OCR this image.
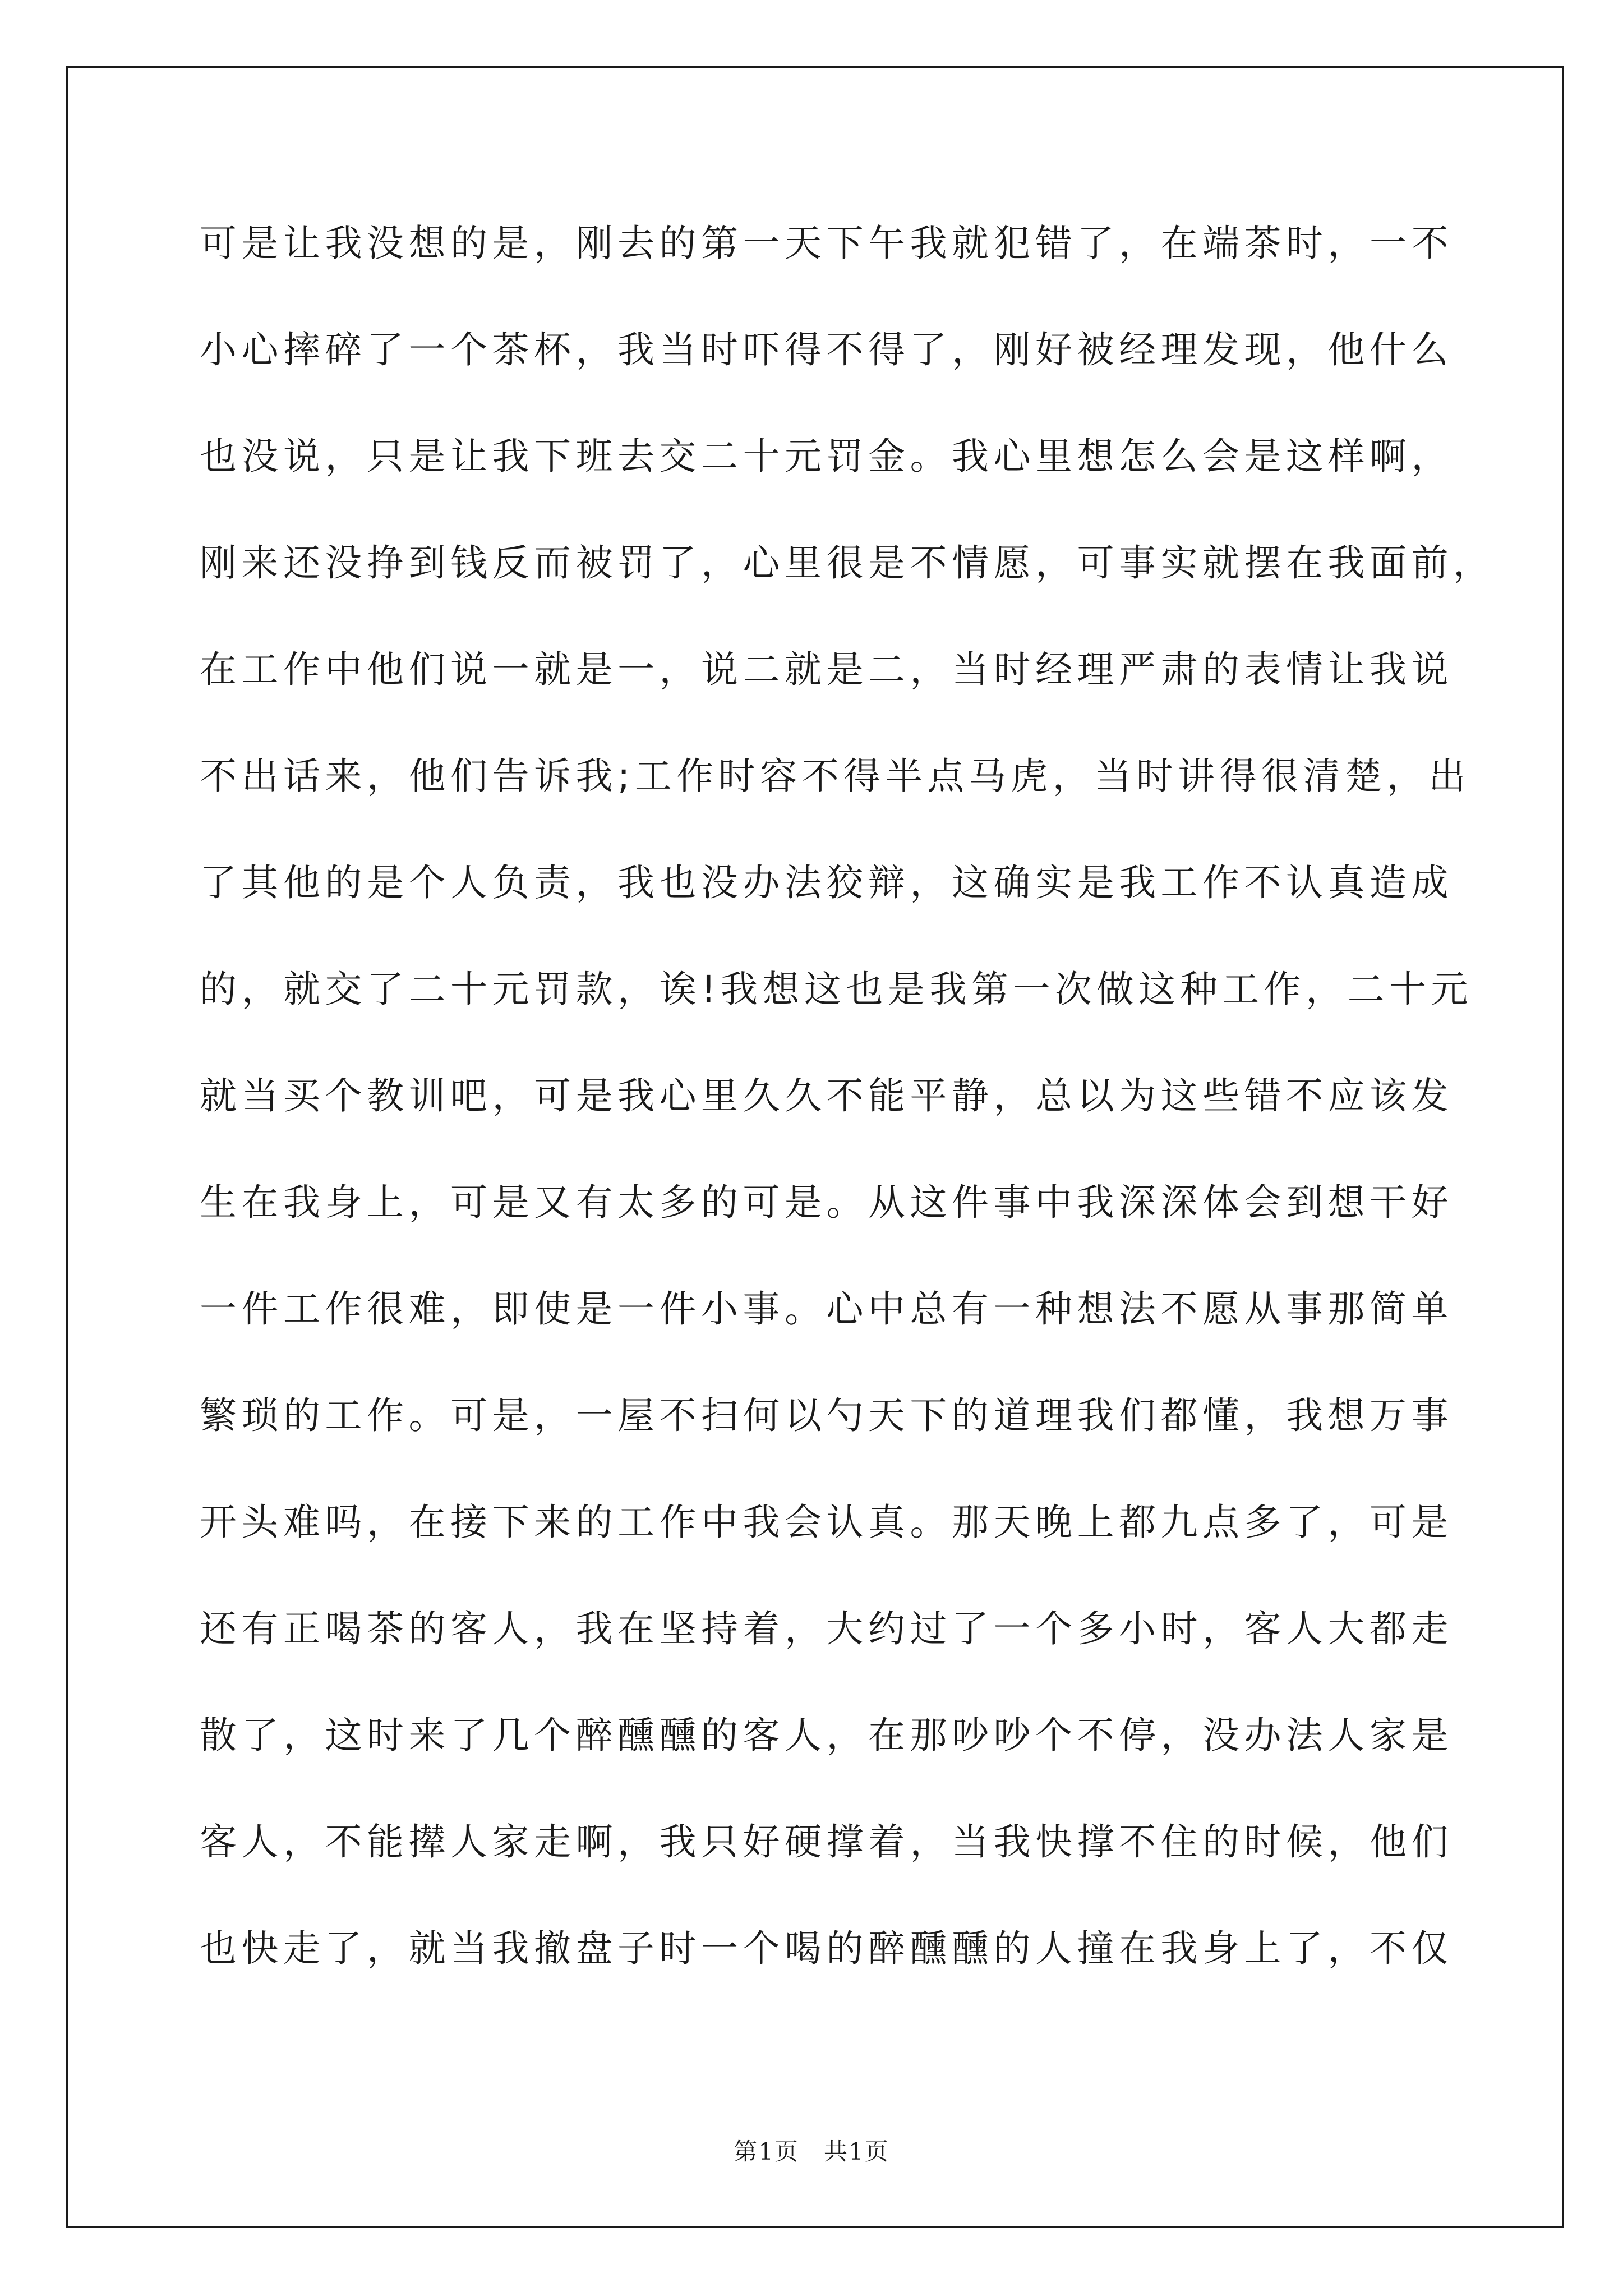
可是让我没想的是，刚去的第一天下午我就犯错了，在端茶时，一不
小心摔碎了一个茶杯，我当时吓得不得了，刚好被经理发现，他什么
也没说，只是让我下班去交二十元罚金。我心里想怎么会是这样啊，
刚来还没挣到钱反而被罚了，心里很是不情愿，可事实就摆在我面前，
在工作中他们说一就是一，说二就是二，当时经理严肃的表情让我说
不出话来，他们告诉我;工作时容不得半点马虎，当时讲得很清楚，出
了其他的是个人负责，我也没办法狡辩，这确实是我工作不认真造成
的，就交了二十元罚款，诶!我想这也是我第一次做这种工作，二十元
就当买个教训吧，可是我心里久久不能平静，总以为这些错不应该发
生在我身上，可是又有太多的可是。从这件事中我深深体会到想干好
一件工作很难，即使是一件小事。心中总有一种想法不愿从事那简单
繁琐的工作。可是，一屋不扫何以勺天下的道理我们都懂，我想万事
开头难吗，在接下来的工作中我会认真。那天晚上都九点多了，可是
还有正喝茶的客人，我在坚持着，大约过了一个多小时，客人大都走
散了，这时来了几个醉醺醺的客人，在那吵吵个不停，没办法人家是
客人，不能撵人家走啊，我只好硬撑着，当我快撑不住的时候，他们
也快走了，就当我撤盘子时一个喝的醉醺醺的人撞在我身上了，不仅
第1页　共1页
